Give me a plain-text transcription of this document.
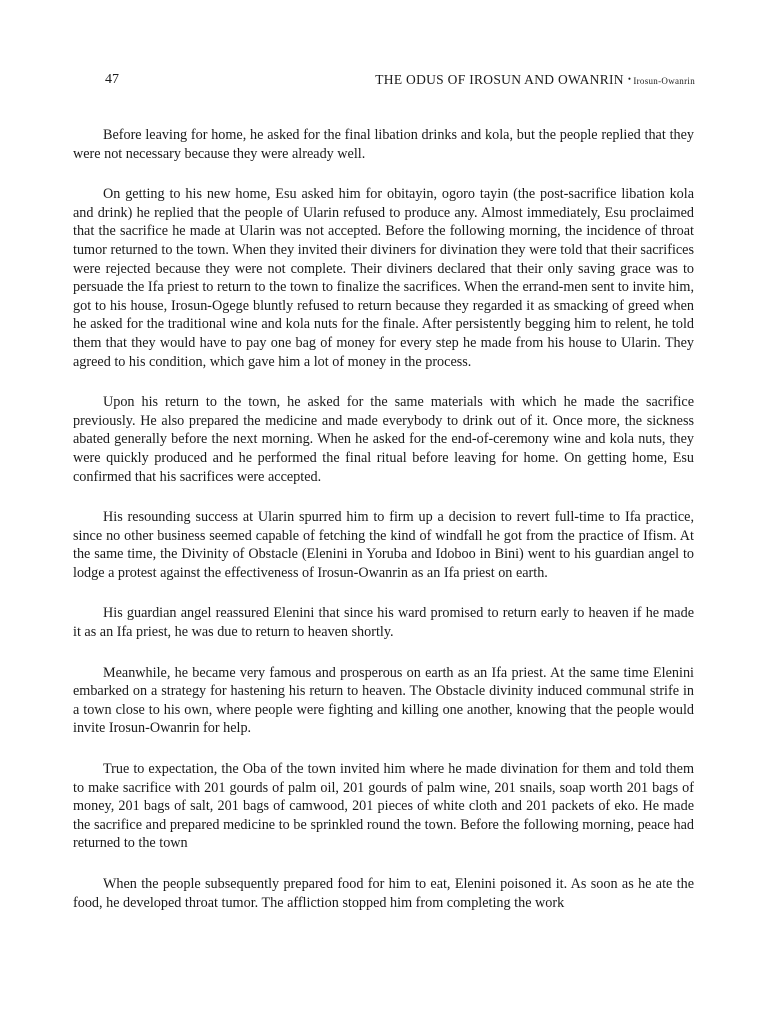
47	THE ODUS OF IROSUN AND OWANRIN • Irosun-Owanrin

Before leaving for home, he asked for the final libation drinks and kola, but the people replied that they were not necessary because they were already well.

On getting to his new home, Esu asked him for obitayin, ogoro tayin (the post-sacrifice libation kola and drink) he replied that the people of Ularin refused to produce any. Almost immediately, Esu proclaimed that the sacrifice he made at Ularin was not accepted. Before the following morning, the incidence of throat tumor returned to the town. When they invited their diviners for divination they were told that their sacrifices were rejected because they were not complete. Their diviners declared that their only saving grace was to persuade the Ifa priest to return to the town to finalize the sacrifices. When the errand-men sent to invite him, got to his house, Irosun-Ogege bluntly refused to return because they regarded it as smacking of greed when he asked for the traditional wine and kola nuts for the finale. After persistently begging him to relent, he told them that they would have to pay one bag of money for every step he made from his house to Ularin. They agreed to his condition, which gave him a lot of money in the process.

Upon his return to the town, he asked for the same materials with which he made the sacrifice previously. He also prepared the medicine and made everybody to drink out of it. Once more, the sickness abated generally before the next morning. When he asked for the end-of-ceremony wine and kola nuts, they were quickly produced and he performed the final ritual before leaving for home. On getting home, Esu confirmed that his sacrifices were accepted.

His resounding success at Ularin spurred him to firm up a decision to revert full-time to Ifa practice, since no other business seemed capable of fetching the kind of windfall he got from the practice of Ifism. At the same time, the Divinity of Obstacle (Elenini in Yoruba and Idoboo in Bini) went to his guardian angel to lodge a protest against the effectiveness of Irosun-Owanrin as an Ifa priest on earth.

His guardian angel reassured Elenini that since his ward promised to return early to heaven if he made it as an Ifa priest, he was due to return to heaven shortly.

Meanwhile, he became very famous and prosperous on earth as an Ifa priest. At the same time Elenini embarked on a strategy for hastening his return to heaven. The Obstacle divinity induced communal strife in a town close to his own, where people were fighting and killing one another, knowing that the people would invite Irosun-Owanrin for help.

True to expectation, the Oba of the town invited him where he made divination for them and told them to make sacrifice with 201 gourds of palm oil, 201 gourds of palm wine, 201 snails, soap worth 201 bags of money, 201 bags of salt, 201 bags of camwood, 201 pieces of white cloth and 201 packets of eko. He made the sacrifice and prepared medicine to be sprinkled round the town. Before the following morning, peace had returned to the town

When the people subsequently prepared food for him to eat, Elenini poisoned it. As soon as he ate the food, he developed throat tumor. The affliction stopped him from completing the work
